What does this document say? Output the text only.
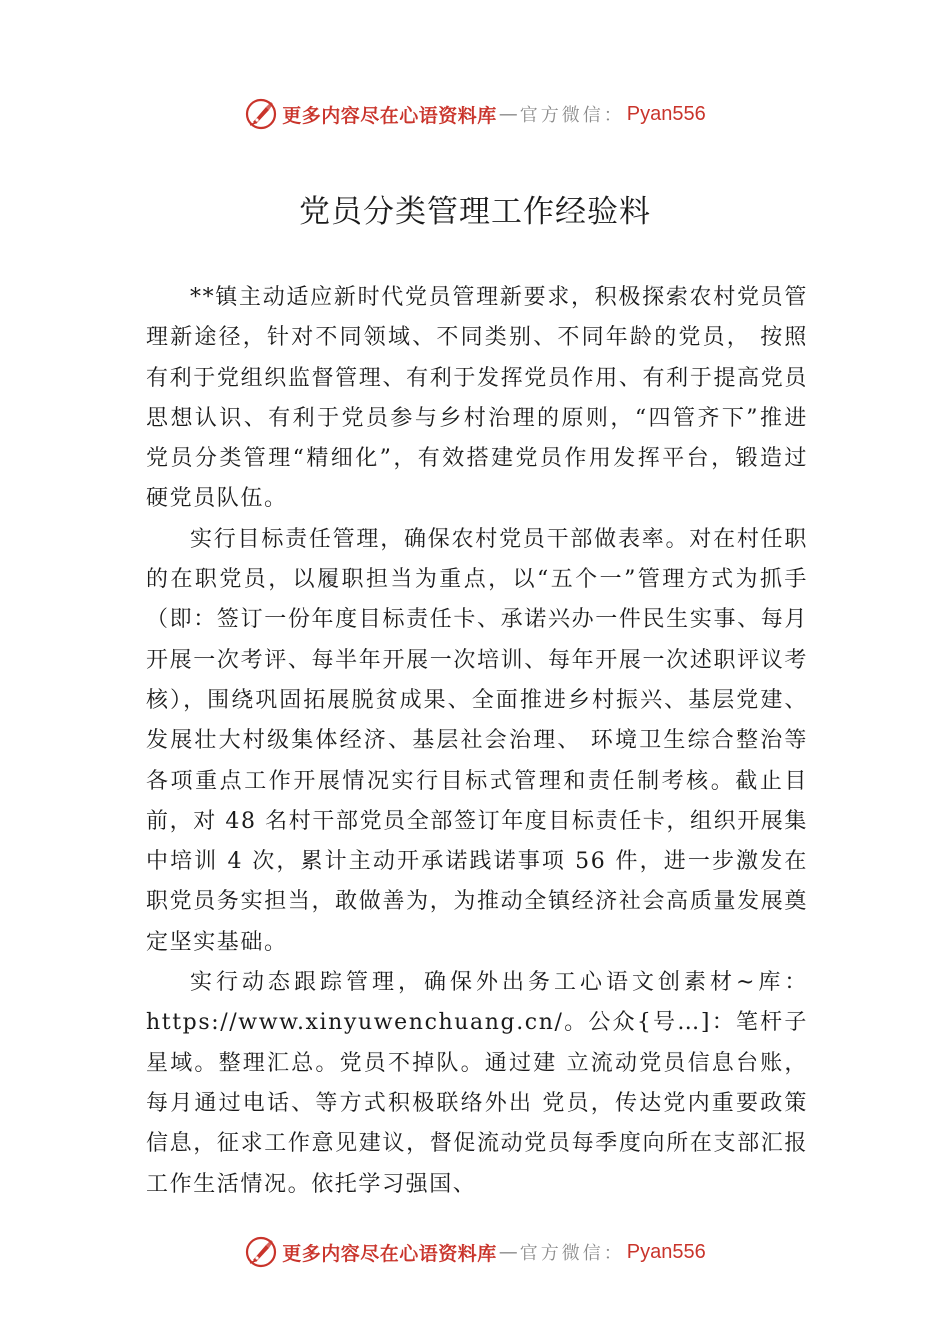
更多内容尽在心语资料库 — 官方微信： Pyan556
党员分类管理工作经验料

**镇主动适应新时代党员管理新要求，积极探索农村党员管理新途径，针对不同领域、不同类别、不同年龄的党员， 按照有利于党组织监督管理、有利于发挥党员作用、有利于提高党员思想认识、有利于党员参与乡村治理的原则，“四管齐下”推进党员分类管理“精细化”，有效搭建党员作用发挥平台，锻造过硬党员队伍。

实行目标责任管理，确保农村党员干部做表率。对在村任职的在职党员，以履职担当为重点，以“五个一”管理方式为抓手（即：签订一份年度目标责任卡、承诺兴办一件民生实事、每月开展一次考评、每半年开展一次培训、每年开展一次述职评议考核），围绕巩固拓展脱贫成果、全面推进乡村振兴、基层党建、发展壮大村级集体经济、基层社会治理、 环境卫生综合整治等各项重点工作开展情况实行目标式管理和责任制考核。截止目前，对 48 名村干部党员全部签订年度目标责任卡，组织开展集中培训 4 次，累计主动开承诺践诺事项 56 件，进一步激发在职党员务实担当，敢做善为，为推动全镇经济社会高质量发展奠定坚实基础。

实行动态跟踪管理，确保外出务工心语文创素材~库：https://www.xinyuwenchuang.cn/。公众{号…]：笔杆子星域。整理汇总。党员不掉队。通过建 立流动党员信息台账，每月通过电话、等方式积极联络外出 党员，传达党内重要政策信息，征求工作意见建议，督促流动党员每季度向所在支部汇报工作生活情况。依托学习强国、

更多内容尽在心语资料库 — 官方微信： Pyan556
